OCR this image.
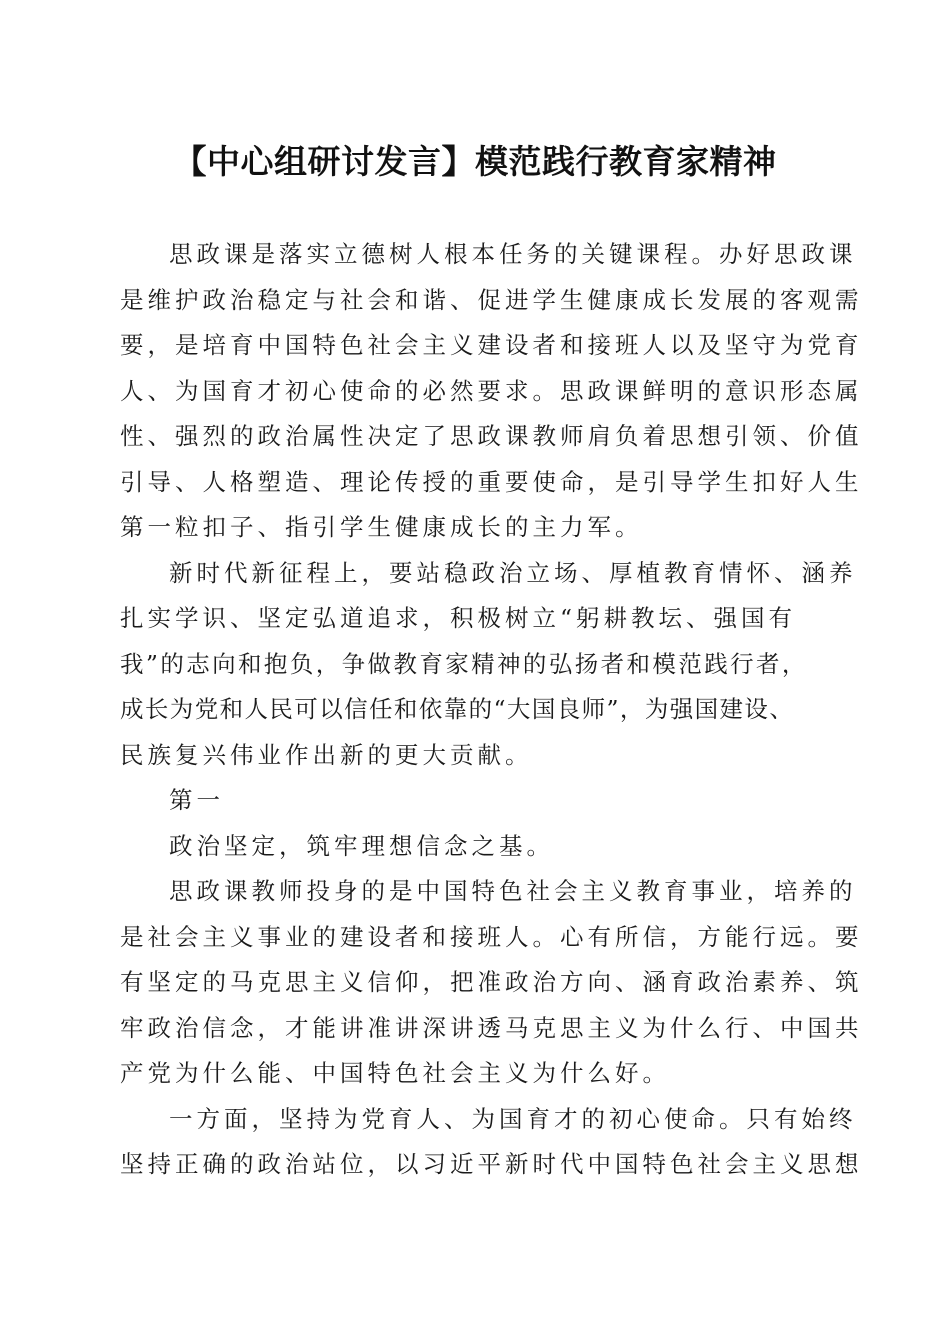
【中心组研讨发言】模范践行教育家精神
思政课是落实立德树人根本任务的关键课程。办好思政课
是维护政治稳定与社会和谐、促进学生健康成长发展的客观需
要，是培育中国特色社会主义建设者和接班人以及坚守为党育
人、为国育才初心使命的必然要求。思政课鲜明的意识形态属
性、强烈的政治属性决定了思政课教师肩负着思想引领、价值
引导、人格塑造、理论传授的重要使命，是引导学生扣好人生
第一粒扣子、指引学生健康成长的主力军。
新时代新征程上，要站稳政治立场、厚植教育情怀、涵养
扎实学识、坚定弘道追求，积极树立“躬耕教坛、强国有
我”的志向和抱负，争做教育家精神的弘扬者和模范践行者，
成长为党和人民可以信任和依靠的“大国良师”，为强国建设、
民族复兴伟业作出新的更大贡献。
第一
政治坚定，筑牢理想信念之基。
思政课教师投身的是中国特色社会主义教育事业，培养的
是社会主义事业的建设者和接班人。心有所信，方能行远。要
有坚定的马克思主义信仰，把准政治方向、涵育政治素养、筑
牢政治信念，才能讲准讲深讲透马克思主义为什么行、中国共
产党为什么能、中国特色社会主义为什么好。
一方面，坚持为党育人、为国育才的初心使命。只有始终
坚持正确的政治站位，以习近平新时代中国特色社会主义思想
